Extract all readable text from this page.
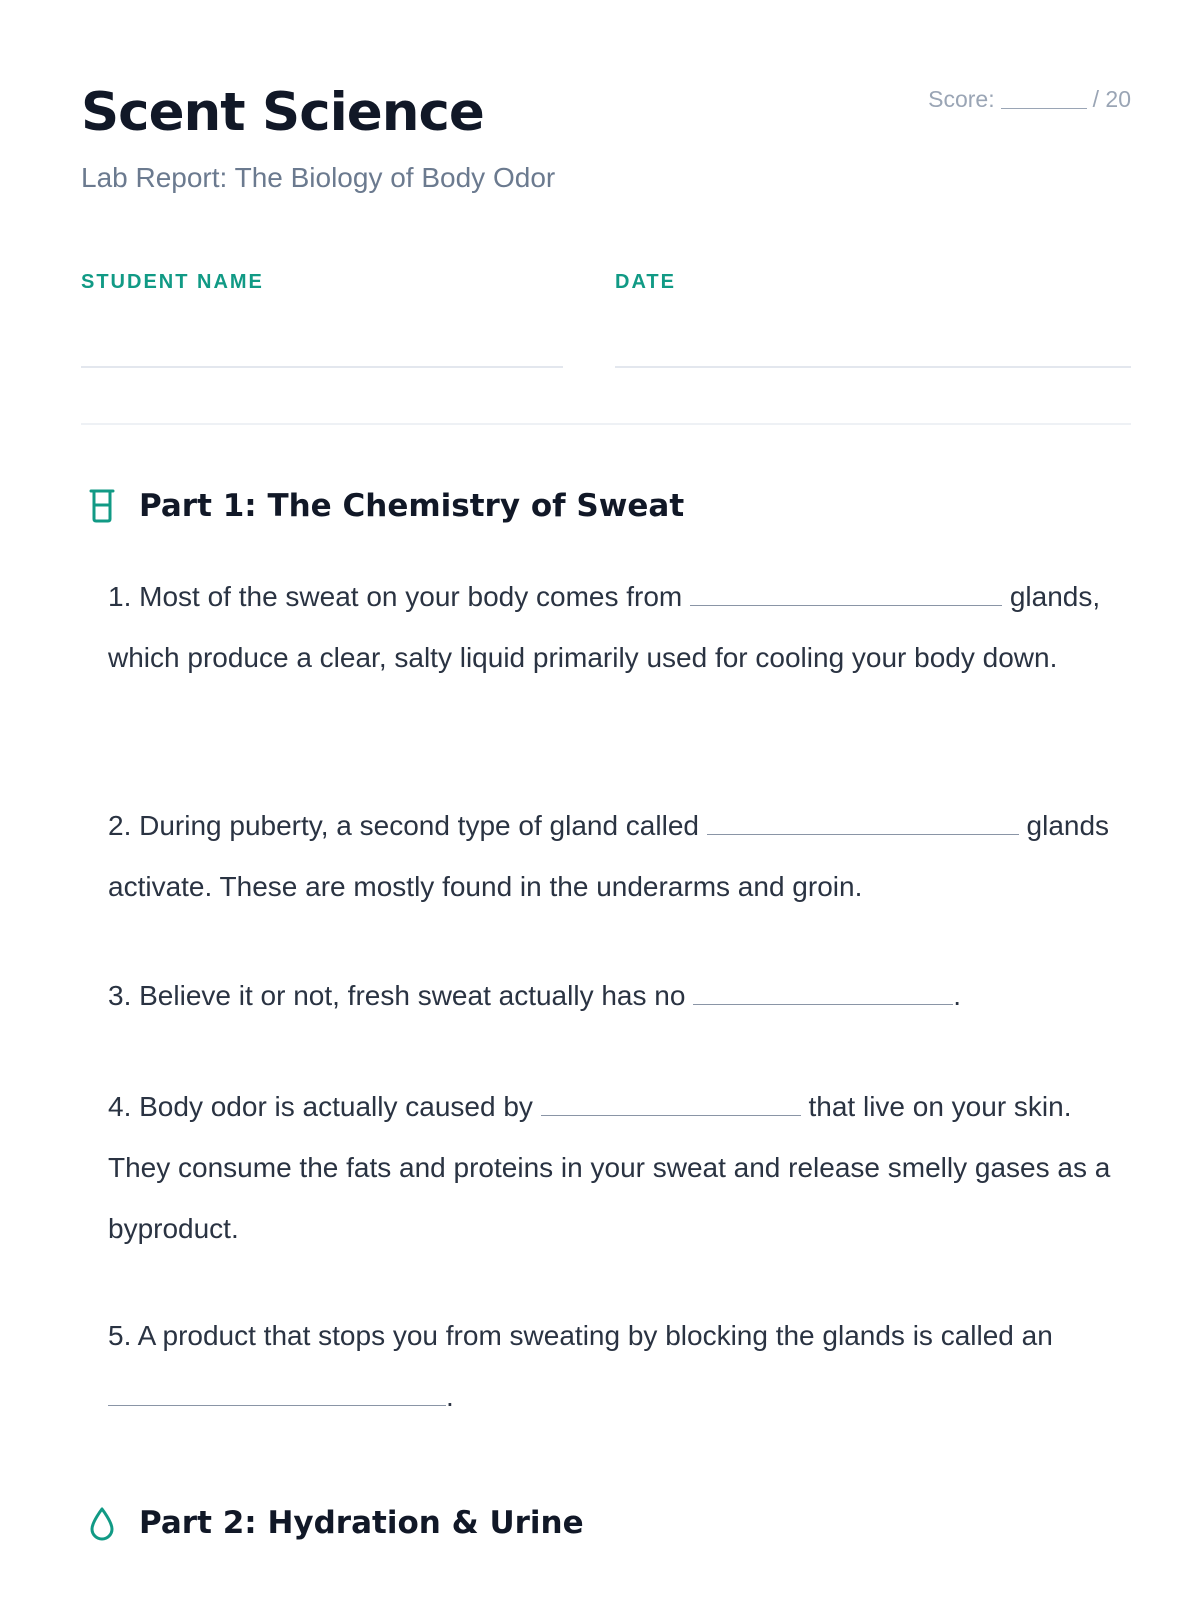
Scent Science
Lab Report: The Biology of Body Odor
Score:	/ 20
STUDENT NAME	DATE
Part 1: The Chemistry of Sweat
1. Most of the sweat on your body comes from	glands, which produce a clear, salty liquid primarily used for cooling your body down.
2. During puberty, a second type of gland called	glands activate. These are mostly found in the underarms and groin.
3. Believe it or not, fresh sweat actually has no	.
4. Body odor is actually caused by	that live on your skin. They consume the fats and proteins in your sweat and release smelly gases as a byproduct.
5. A product that stops you from sweating by blocking the glands is called an .
Part 2: Hydration & Urine
